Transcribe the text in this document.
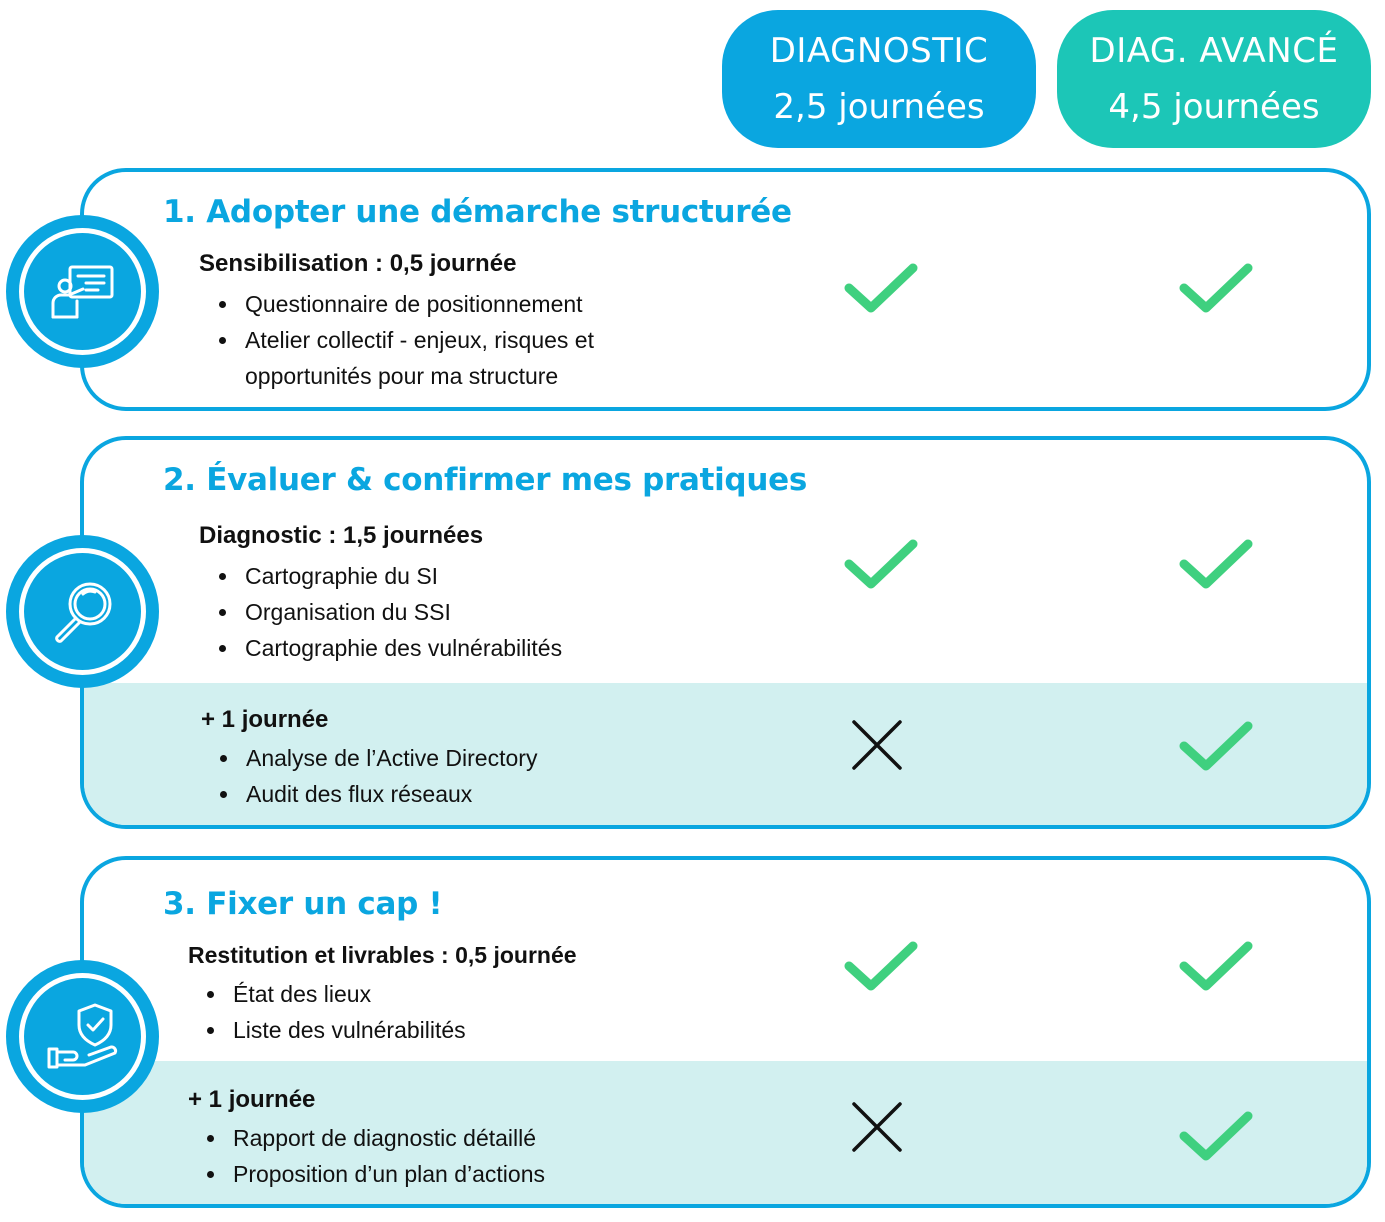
DIAGNOSTIC
2,5 journées
DIAG. AVANCÉ
4,5 journées
1. Adopter une démarche structurée
Sensibilisation : 0,5 journée
Questionnaire de positionnement
Atelier collectif - enjeux, risques et opportunités pour ma structure
2. Évaluer & confirmer mes pratiques
Diagnostic : 1,5 journées
Cartographie du SI
Organisation du SSI
Cartographie des vulnérabilités
+ 1 journée
Analyse de l’Active Directory
Audit des flux réseaux
3. Fixer un cap !
Restitution et livrables : 0,5 journée
État des lieux
Liste des vulnérabilités
+ 1 journée
Rapport de diagnostic détaillé
Proposition d’un plan d’actions
